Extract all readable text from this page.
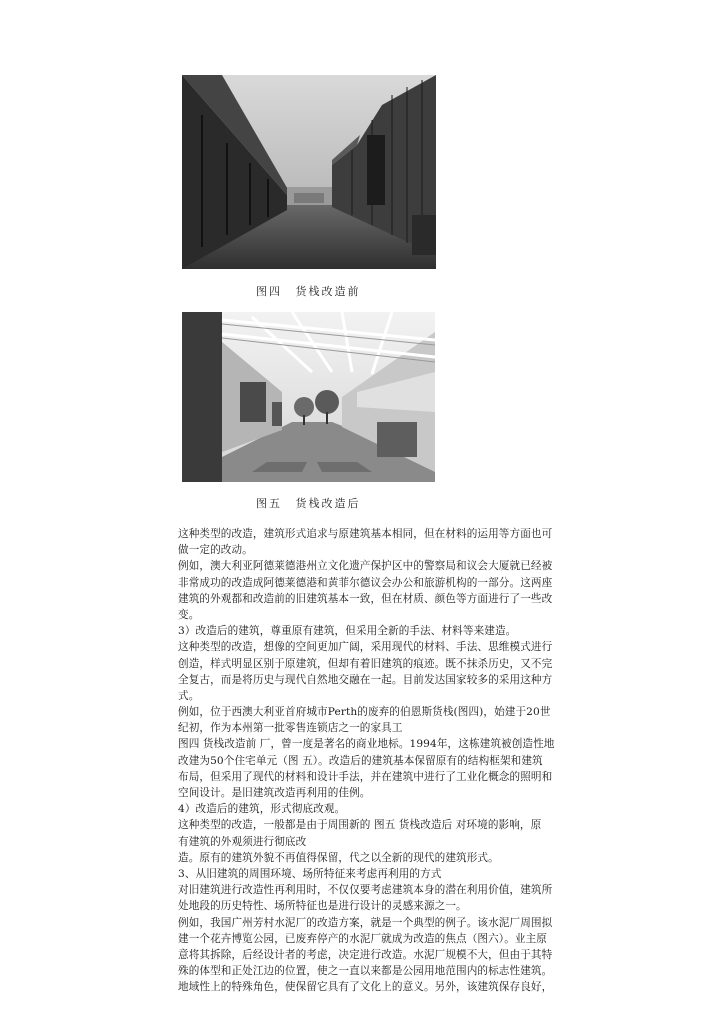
图四 货栈改造前
图五 货栈改造后
这种类型的改造，建筑形式追求与原建筑基本相同，但在材料的运用等方面也可
做一定的改动。
例如，澳大利亚阿德莱德港州立文化遗产保护区中的警察局和议会大厦就已经被
非常成功的改造成阿德莱德港和黄菲尔德议会办公和旅游机构的一部分。这两座
建筑的外观都和改造前的旧建筑基本一致，但在材质、颜色等方面进行了一些改
变。
3）改造后的建筑，尊重原有建筑，但采用全新的手法、材料等来建造。
这种类型的改造，想像的空间更加广阔，采用现代的材料、手法、思维模式进行
创造，样式明显区别于原建筑，但却有着旧建筑的痕迹。既不抹杀历史，又不完
全复古，而是将历史与现代自然地交融在一起。目前发达国家较多的采用这种方
式。
例如，位于西澳大利亚首府城市Perth的废弃的伯恩斯货栈(图四)，始建于20世
纪初，作为本州第一批零售连锁店之一的家具工
图四 货栈改造前 厂，曾一度是著名的商业地标。1994年，这栋建筑被创造性地
改建为50个住宅单元（图 五）。改造后的建筑基本保留原有的结构框架和建筑
布局，但采用了现代的材料和设计手法，并在建筑中进行了工业化概念的照明和
空间设计。是旧建筑改造再利用的佳例。
4）改造后的建筑，形式彻底改观。
这种类型的改造，一般都是由于周围新的 图五 货栈改造后 对环境的影响，原
有建筑的外观须进行彻底改
造。原有的建筑外貌不再值得保留，代之以全新的现代的建筑形式。
3、从旧建筑的周围环境、场所特征来考虑再利用的方式
对旧建筑进行改造性再利用时，不仅仅要考虑建筑本身的潜在利用价值，建筑所
处地段的历史特性、场所特征也是进行设计的灵感来源之一。
例如，我国广州芳村水泥厂的改造方案，就是一个典型的例子。该水泥厂周围拟
建一个花卉博览公园，已废弃停产的水泥厂就成为改造的焦点（图六）。业主原
意将其拆除，后经设计者的考虑，决定进行改造。水泥厂规模不大，但由于其特
殊的体型和正处江边的位置，使之一直以来都是公园用地范围内的标志性建筑。
地域性上的特殊角色，使保留它具有了文化上的意义。另外，该建筑保存良好，
